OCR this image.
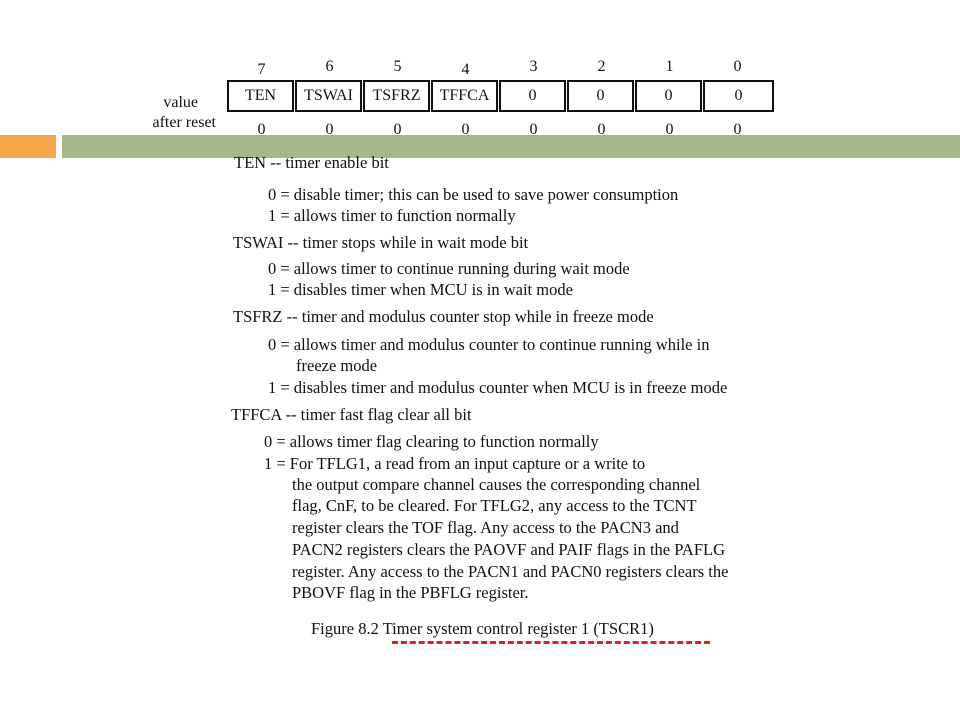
7	6	5	4	3	2	1	0
TEN	TSWAI	TSFRZ	TFFCA	0	0	0	0
value
after reset	0	0	0	0	0	0	0	0
TEN -- timer enable bit
0 = disable timer; this can be used to save power consumption
1 = allows timer to function normally
TSWAI -- timer stops while in wait mode bit
0 = allows timer to continue running during wait mode
1 = disables timer when MCU is in wait mode
TSFRZ -- timer and modulus counter stop while in freeze mode
0 = allows timer and modulus counter to continue running while in
freeze mode
1 = disables timer and modulus counter when MCU is in freeze mode
TFFCA -- timer fast flag clear all bit
0 = allows timer flag clearing to function normally
1 = For TFLG1, a read from an input capture or a write to
the output compare channel causes the corresponding channel
flag, CnF, to be cleared. For TFLG2, any access to the TCNT
register clears the TOF flag. Any access to the PACN3 and
PACN2 registers clears the PAOVF and PAIF flags in the PAFLG
register. Any access to the PACN1 and PACN0 registers clears the
PBOVF flag in the PBFLG register.
Figure 8.2 Timer system control register 1 (TSCR1)
